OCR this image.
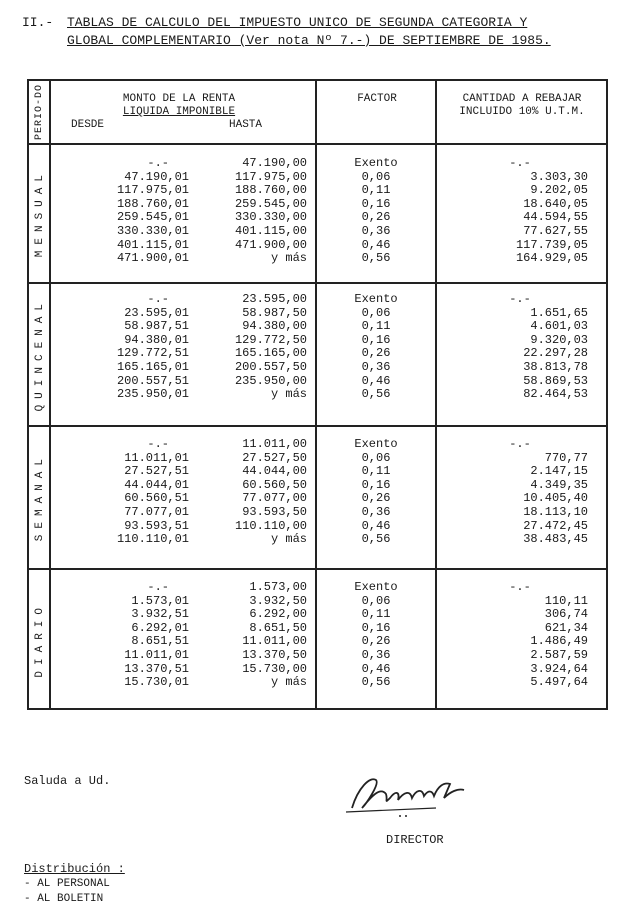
II.- TABLAS DE CALCULO DEL IMPUESTO UNICO DE SEGUNDA CATEGORIA Y
GLOBAL COMPLEMENTARIO (Ver nota Nº 7.-) DE SEPTIEMBRE DE 1985.
PERIO-DO	MONTO DE LA RENTA
LIQUIDA IMPONIBLE
DESDE	HASTA
FACTOR	CANTIDAD A REBAJAR
INCLUIDO 10% U.T.M.
MENSUAL
-.-	47.190,00	Exento	-.-
47.190,01	117.975,00	0,06	3.303,30
117.975,01	188.760,00	0,11	9.202,05
188.760,01	259.545,00	0,16	18.640,05
259.545,01	330.330,00	0,26	44.594,55
330.330,01	401.115,00	0,36	77.627,55
401.115,01	471.900,00	0,46	117.739,05
471.900,01	y más	0,56	164.929,05
QUINCENAL	-.-	23.595,00	Exento	-.-
23.595,01	58.987,50	0,06	1.651,65
58.987,51	94.380,00	0,11	4.601,03
94.380,01	129.772,50	0,16	9.320,03
129.772,51	165.165,00	0,26	22.297,28
165.165,01	200.557,50	0,36	38.813,78
200.557,51	235.950,00	0,46	58.869,53
235.950,01	y más	0,56	82.464,53
SEMANAL
-.-	11.011,00	Exento	-.-
11.011,01	27.527,50	0,06	770,77
27.527,51	44.044,00	0,11	2.147,15
44.044,01	60.560,50	0,16	4.349,35
60.560,51	77.077,00	0,26	10.405,40
77.077,01	93.593,50	0,36	18.113,10
93.593,51	110.110,00	0,46	27.472,45
110.110,01	y más	0,56	38.483,45
DIARIO
-.-	1.573,00	Exento	-.-
1.573,01	3.932,50	0,06	110,11
3.932,51	6.292,00	0,11	306,74
6.292,01	8.651,50	0,16	621,34
8.651,51	11.011,00	0,26	1.486,49
11.011,01	13.370,50	0,36	2.587,59
13.370,51	15.730,00	0,46	3.924,64
15.730,01	y más	0,56	5.497,64
Saluda a Ud.
DIRECTOR
Distribución :
- AL PERSONAL
- AL BOLETIN
